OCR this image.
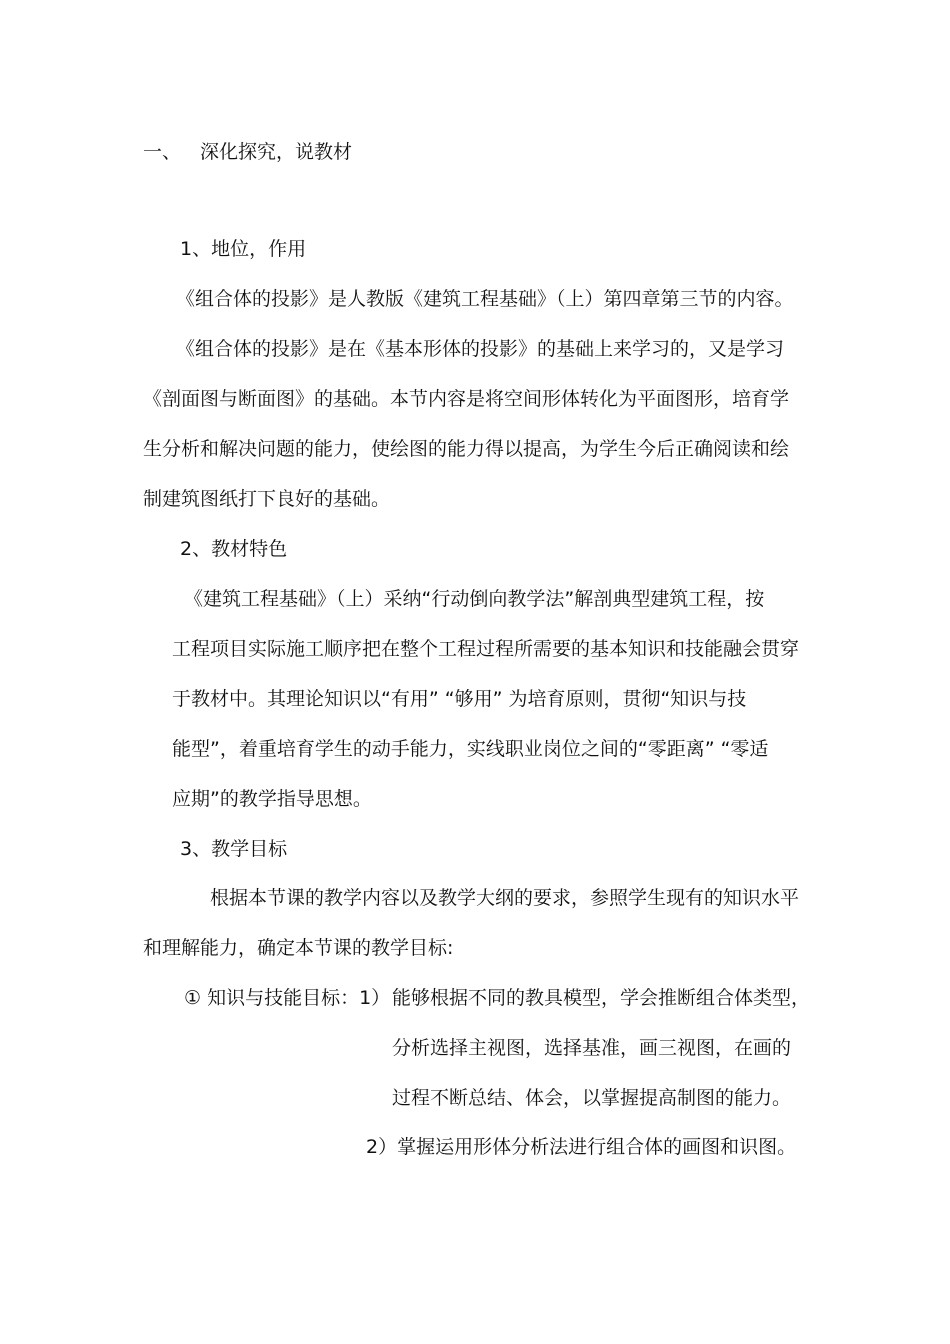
一、 深化探究，说教材
1、地位，作用
《组合体的投影》是人教版《建筑工程基础》（上）第四章第三节的内容。
《组合体的投影》是在《基本形体的投影》的基础上来学习的，又是学习
《剖面图与断面图》的基础。本节内容是将空间形体转化为平面图形，培育学
生分析和解决问题的能力，使绘图的能力得以提高，为学生今后正确阅读和绘
制建筑图纸打下良好的基础。
2、教材特色
《建筑工程基础》（上）采纳“行动倒向教学法”解剖典型建筑工程，按
工程项目实际施工顺序把在整个工程过程所需要的基本知识和技能融会贯穿
于教材中。其理论知识以“有用” “够用” 为培育原则，贯彻“知识与技
能型”，着重培育学生的动手能力，实线职业岗位之间的“零距离” “零适
应期”的教学指导思想。
3、教学目标
根据本节课的教学内容以及教学大纲的要求，参照学生现有的知识水平
和理解能力，确定本节课的教学目标:
① 知识与技能目标：1） 能够根据不同的教具模型，学会推断组合体类型，
分析选择主视图，选择基准，画三视图，在画的
过程不断总结、体会，以掌握提高制图的能力。
2）掌握运用形体分析法进行组合体的画图和识图。
